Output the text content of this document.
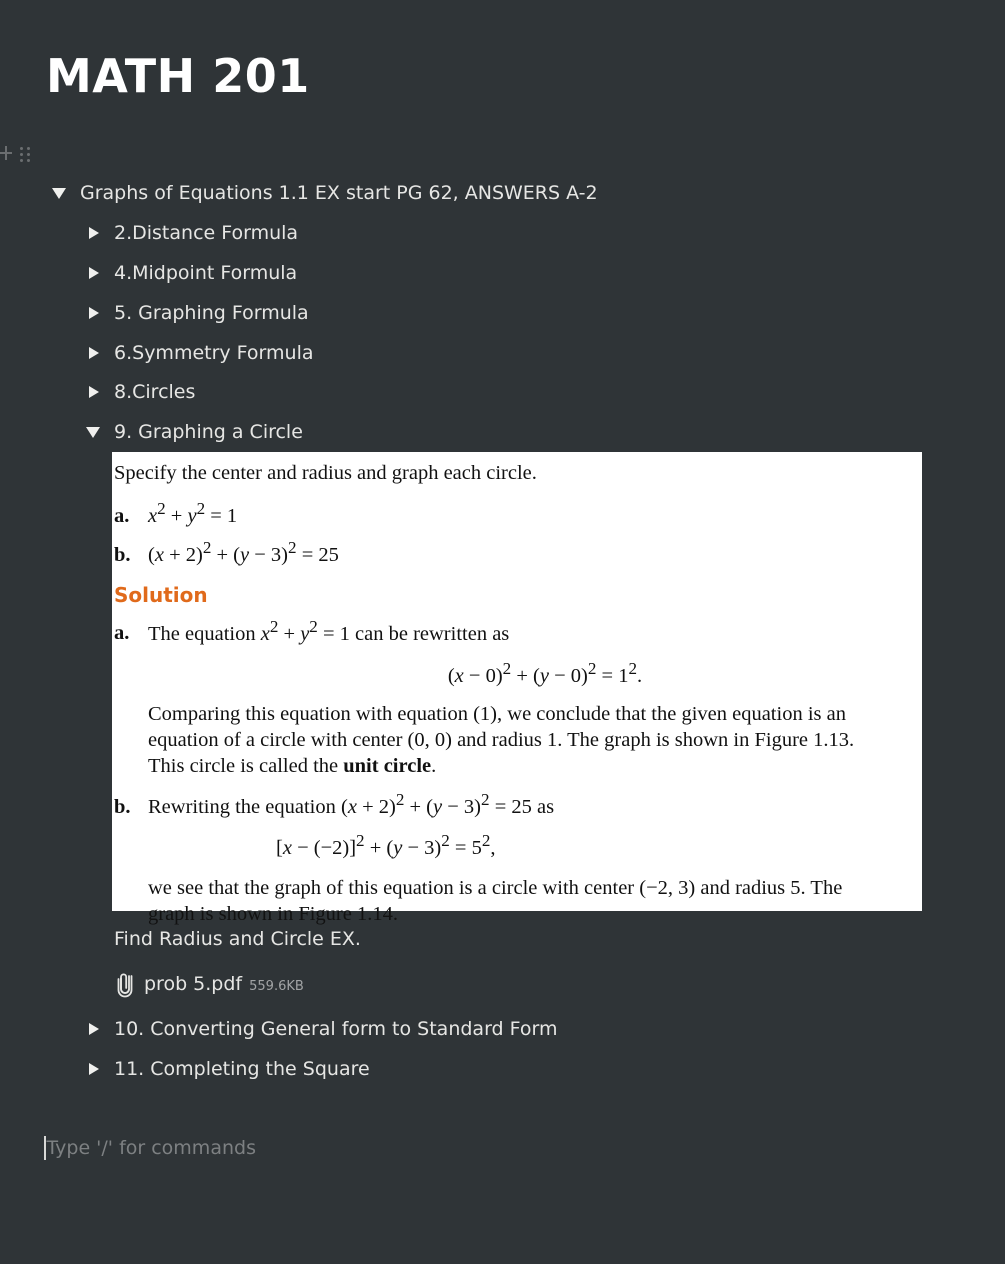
MATH 201
Graphs of Equations 1.1 EX start PG 62, ANSWERS A-2
2.Distance Formula
4.Midpoint Formula
5. Graphing Formula
6.Symmetry Formula
8.Circles
9. Graphing a Circle
Specify the center and radius and graph each circle.
a. $x^2 + y^2 = 1$
b. $(x + 2)^2 + (y - 3)^2 = 25$
Solution
a. The equation $x^2 + y^2 = 1$ can be rewritten as
$(x - 0)^2 + (y - 0)^2 = 1^2$.
Comparing this equation with equation (1), we conclude that the given equation is an
equation of a circle with center (0, 0) and radius 1. The graph is shown in Figure 1.13.
This circle is called the unit circle.
b. Rewriting the equation $(x + 2)^2 + (y - 3)^2 = 25$ as
$[x - (-2)]^2 + (y - 3)^2 = 5^2$,
we see that the graph of this equation is a circle with center (−2, 3) and radius 5. The
graph is shown in Figure 1.14.
Find Radius and Circle EX.
prob 5.pdf 559.6KB
10. Converting General form to Standard Form
11. Completing the Square
Type '/' for commands
